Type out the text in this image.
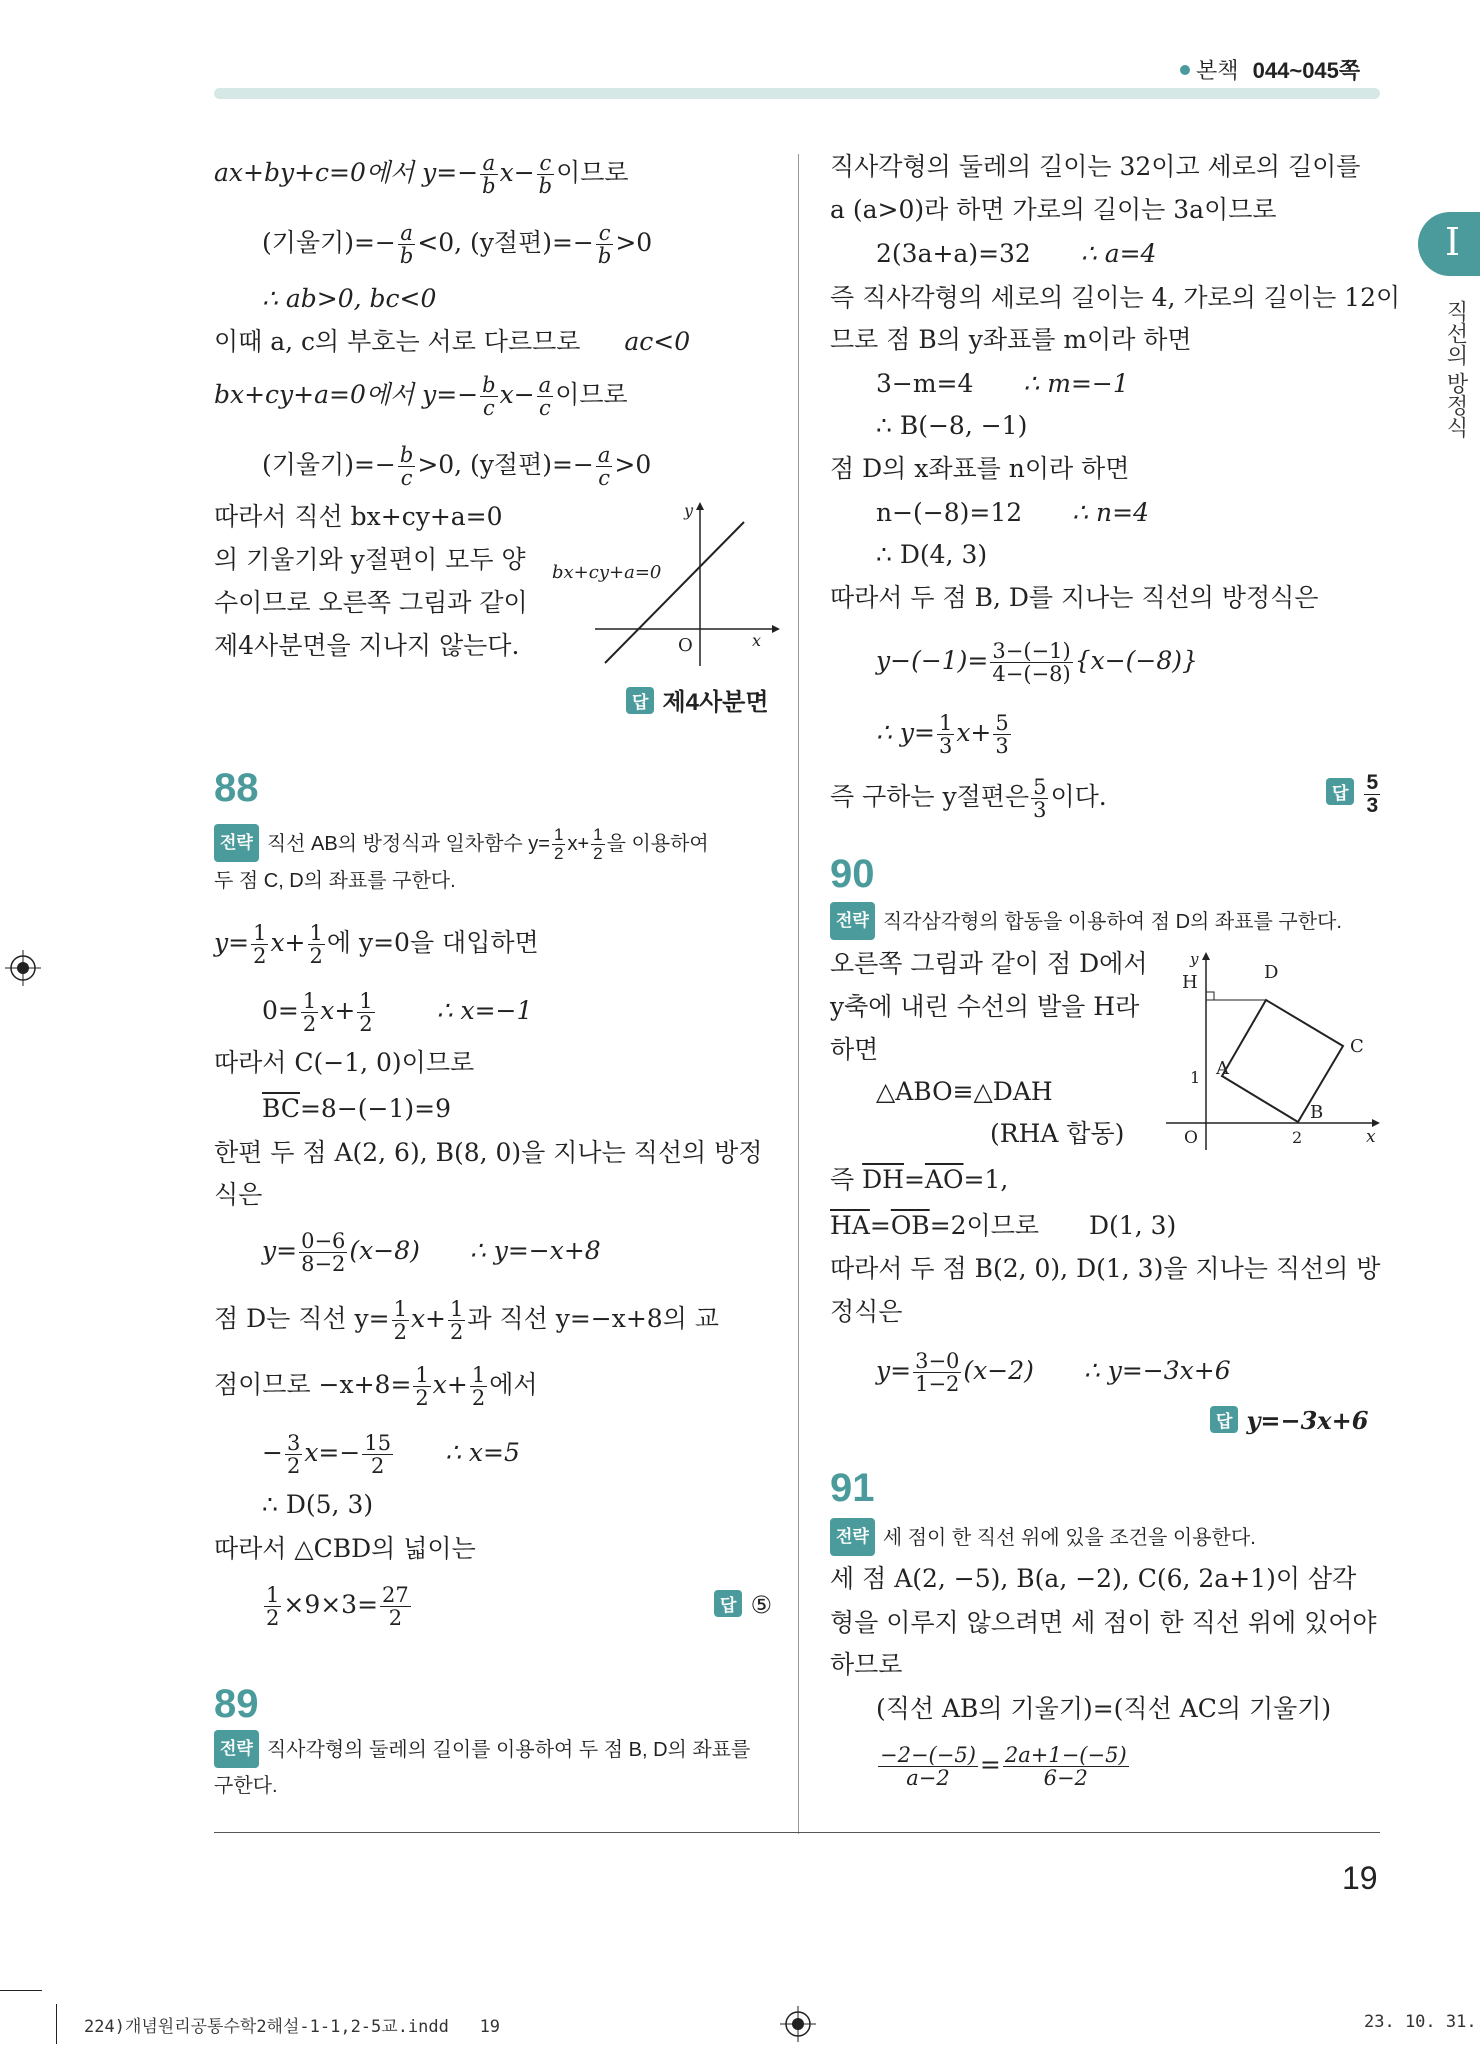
본책 044~045쪽
I
직선의 방정식
ax+by+c=0에서 $y=- \frac{a}{b} x- \frac{c}{b}$ 이므로
(기울기)=− $\frac{a}{b} <0$, (y절편)=− $\frac{c}{b} >0$
∴ ab>0, bc<0
이때 a, c의 부호는 서로 다르므로 ac<0
bx+cy+a=0에서 $y=- \frac{b}{c} x- \frac{a}{c}$ 이므로
(기울기)=− $\frac{b}{c} >0$, (y절편)=− $\frac{a}{c} >0$
따라서 직선 bx+cy+a=0
의 기울기와 y절편이 모두 양
수이므로 오른쪽 그림과 같이
제4사분면을 지나지 않는다.
y
x
O
bx+cy+a=0
답 제4사분면
88
전략 직선 AB의 방정식과 일차함수 $y= \frac{1}{2} x+ \frac{1}{2}$ 을 이용하여
두 점 C, D의 좌표를 구한다.
$y= \frac{1}{2} x+ \frac{1}{2}$ 에 y=0을 대입하면
$0= \frac{1}{2} x+ \frac{1}{2}$ ∴ x=−1
따라서 C(−1, 0)이므로
$\overline{BC}=8-(-1)=9$
한편 두 점 A(2, 6), B(8, 0)을 지나는 직선의 방정
식은
$y= \frac{0-6}{8-2} (x-8)$ ∴ y=−x+8
점 D는 직선 $y= \frac{1}{2} x+ \frac{1}{2}$ 과 직선 y=−x+8의 교
점이므로 $-x+8= \frac{1}{2} x+ \frac{1}{2}$ 에서
− $\frac{3}{2} x=- \frac{15}{2}$ ∴ x=5
∴ D(5, 3)
따라서 △CBD의 넓이는
$\frac{1}{2} \times 9\times 3= \frac{27}{2}$	답 ⑤
89
전략 직사각형의 둘레의 길이를 이용하여 두 점 B, D의 좌표를
구한다.
직사각형의 둘레의 길이는 32이고 세로의 길이를
a (a>0)라 하면 가로의 길이는 3a이므로
2(3a+a)=32 ∴ a=4
즉 직사각형의 세로의 길이는 4, 가로의 길이는 12이
므로 점 B의 y좌표를 m이라 하면
3−m=4 ∴ m=−1
∴ B(−8, −1)
점 D의 x좌표를 n이라 하면
n−(−8)=12 ∴ n=4
∴ D(4, 3)
따라서 두 점 B, D를 지나는 직선의 방정식은
$y-(-1)= \frac{3-(-1)}{4-(-8)} \{x-(-8)\}$
∴ $y= \frac{1}{3} x+ \frac{5}{3}$
즉 구하는 y절편은 $\frac{5}{3}$ 이다.	답 $\frac{5}{3}$
90
전략 직각삼각형의 합동을 이용하여 점 D의 좌표를 구한다.
오른쪽 그림과 같이 점 D에서
y축에 내린 수선의 발을 H라
하면
△ABO≡△DAH
(RHA 합동)
즉 $\overline{DH}=\overline{AO}=1$,
$\overline{HA}=\overline{OB}=2$이므로 D(1, 3)
따라서 두 점 B(2, 0), D(1, 3)을 지나는 직선의 방
정식은
$y= \frac{3-0}{1-2} (x-2)$ ∴ y=−3x+6
답 y=−3x+6
y
x
O
H	D
C
A
B
1
2
91
전략 세 점이 한 직선 위에 있을 조건을 이용한다.
세 점 A(2, −5), B(a, −2), C(6, 2a+1)이 삼각
형을 이루지 않으려면 세 점이 한 직선 위에 있어야
하므로
(직선 AB의 기울기)=(직선 AC의 기울기)
$\frac{-2-(-5)}{a-2} = \frac{2a+1-(-5)}{6-2}$
19
224)개념원리공통수학2해설-1-1,2-5교.indd   19	23. 10. 31.
